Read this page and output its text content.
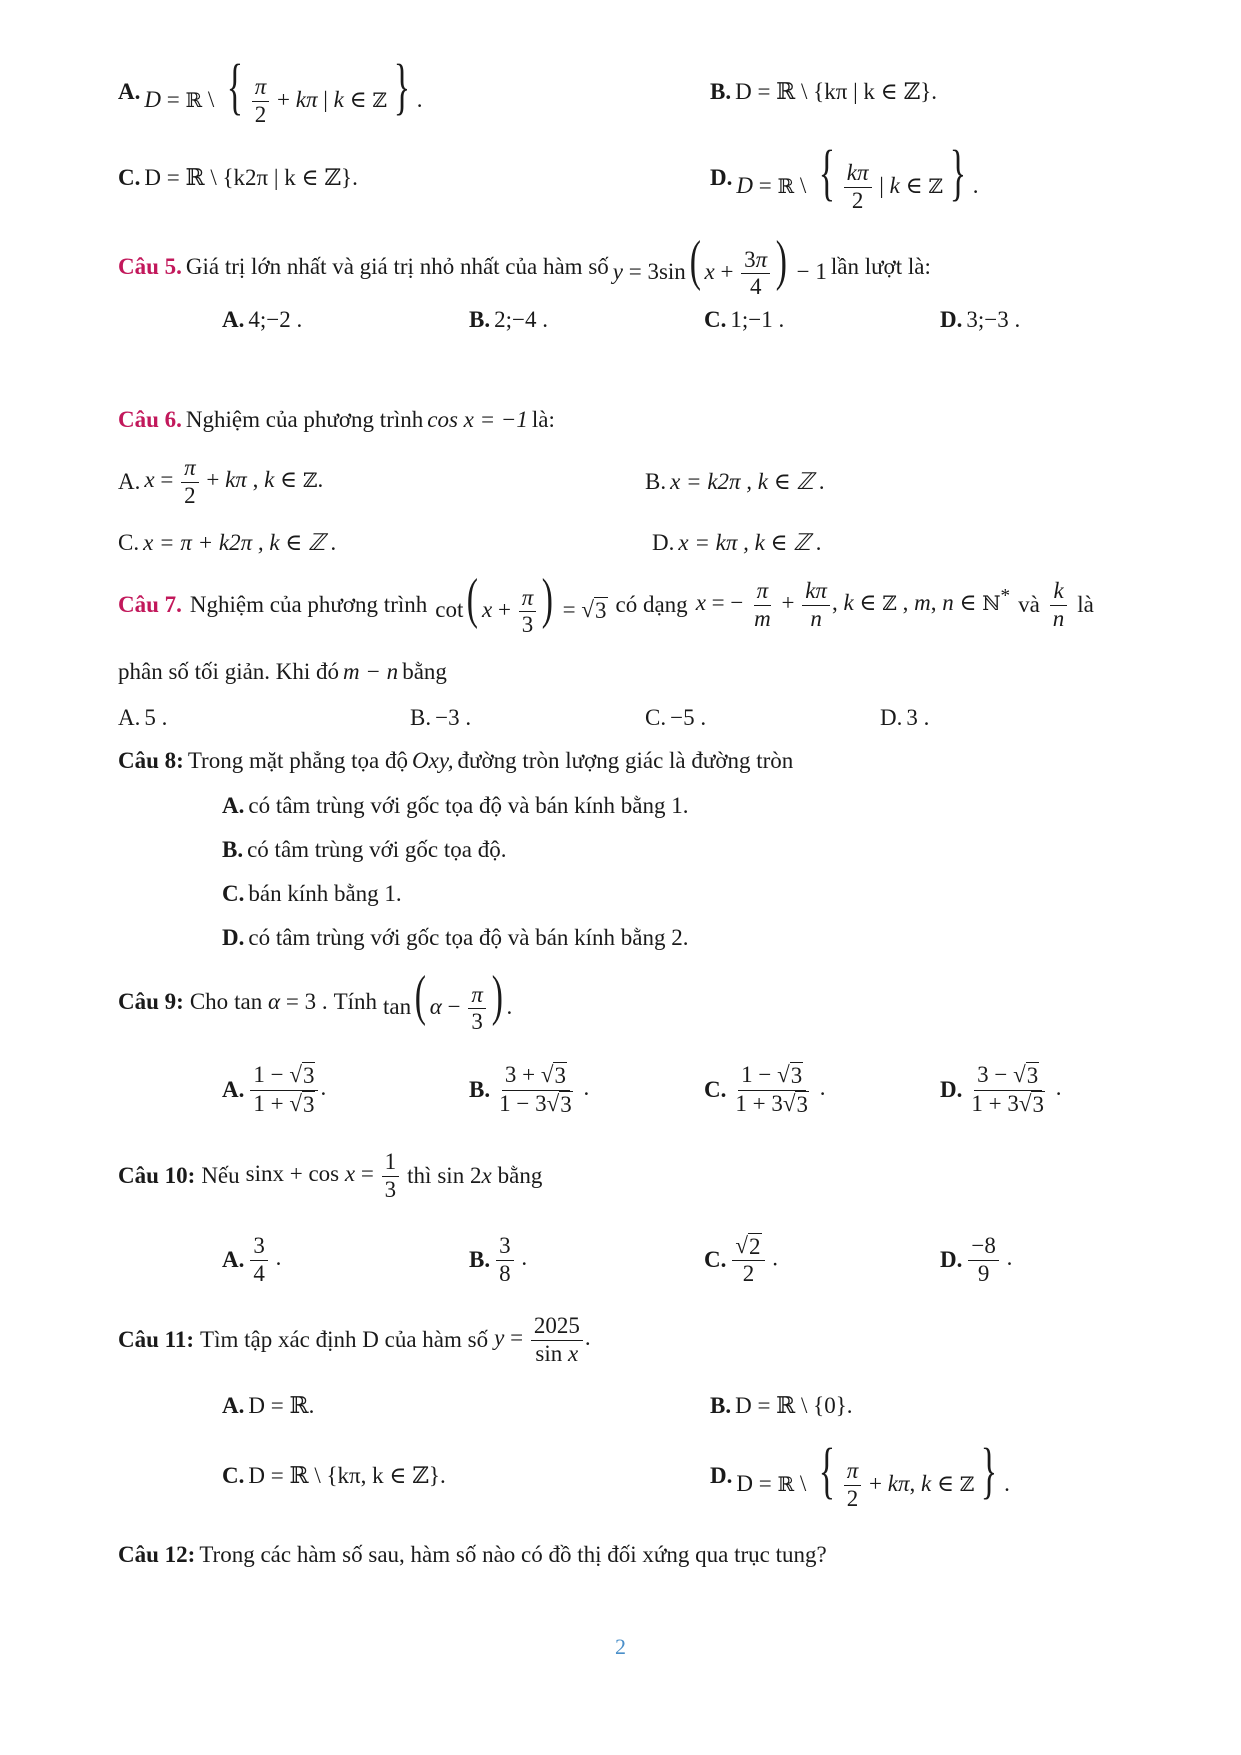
A. D = ℝ \ { $\frac{\pi}{2} + k\pi$ | k ∈ ℤ } .	B. D = ℝ \ {kπ | k ∈ ℤ}.
C. D = ℝ \ {k2π | k ∈ ℤ}.	D. D = ℝ \ { $\frac{k\pi}{2}$ | k ∈ ℤ } .
Câu 5. Giá trị lớn nhất và giá trị nhỏ nhất của hàm số y = 3sin( $x + \frac{3\pi}{4}$ ) − 1 lần lượt là:
A. 4;−2 .	B. 2;−4 .	C. 1;−1 .	D. 3;−3 .
Câu 6. Nghiệm của phương trình cos x = −1 là:
A. $x = \frac{\pi}{2} + k\pi$ , k ∈ ℤ.	B. x = k2π , k ∈ ℤ .
C. x = π + k2π , k ∈ ℤ .	D. x = kπ , k ∈ ℤ .
Câu 7. Nghiệm của phương trình cot( $x + \frac{\pi}{3}$ ) = √ 3 có dạng x = − $\frac{\pi}{m} + \frac{k\pi}{n}$ , k ∈ ℤ , m, n ∈ ℕ* và $\frac{k}{n}$ là
phân số tối giản. Khi đó m − n bằng
A. 5 .	B. −3 .	C. −5 .	D. 3 .
Câu 8: Trong mặt phẳng tọa độ Oxy, đường tròn lượng giác là đường tròn
A. có tâm trùng với gốc tọa độ và bán kính bằng 1.
B. có tâm trùng với gốc tọa độ.
C. bán kính bằng 1.
D. có tâm trùng với gốc tọa độ và bán kính bằng 2.
Câu 9: Cho tan α = 3 . Tính tan( $\alpha - \frac{\pi}{3}$ ) .
A. $\frac{1 - √ 3}{1 + √ 3}$ .	B. $\frac{3 + √ 3}{1 - 3√ 3}$ .	C. $\frac{1 - √ 3}{1 + 3√ 3}$ .	D. $\frac{3 - √ 3}{1 + 3√ 3}$ .
Câu 10: Nếu $\sin x + \cos x = \frac{1}{3}$ thì sin 2x bằng
A. $\frac{3}{4}$ .	B. $\frac{3}{8}$ .	C. $\frac{√ 2}{2}$ .	D. $\frac{-8}{9}$ .
Câu 11: Tìm tập xác định D của hàm số $y = \frac{2025}{\text{sin x}}$ .
A. D = ℝ.	B. D = ℝ \ {0}.
C. D = ℝ \ {kπ, k ∈ ℤ}.	D. D = ℝ \ { $\frac{\pi}{2} + k\pi$, k ∈ ℤ } .
Câu 12: Trong các hàm số sau, hàm số nào có đồ thị đối xứng qua trục tung?
2
